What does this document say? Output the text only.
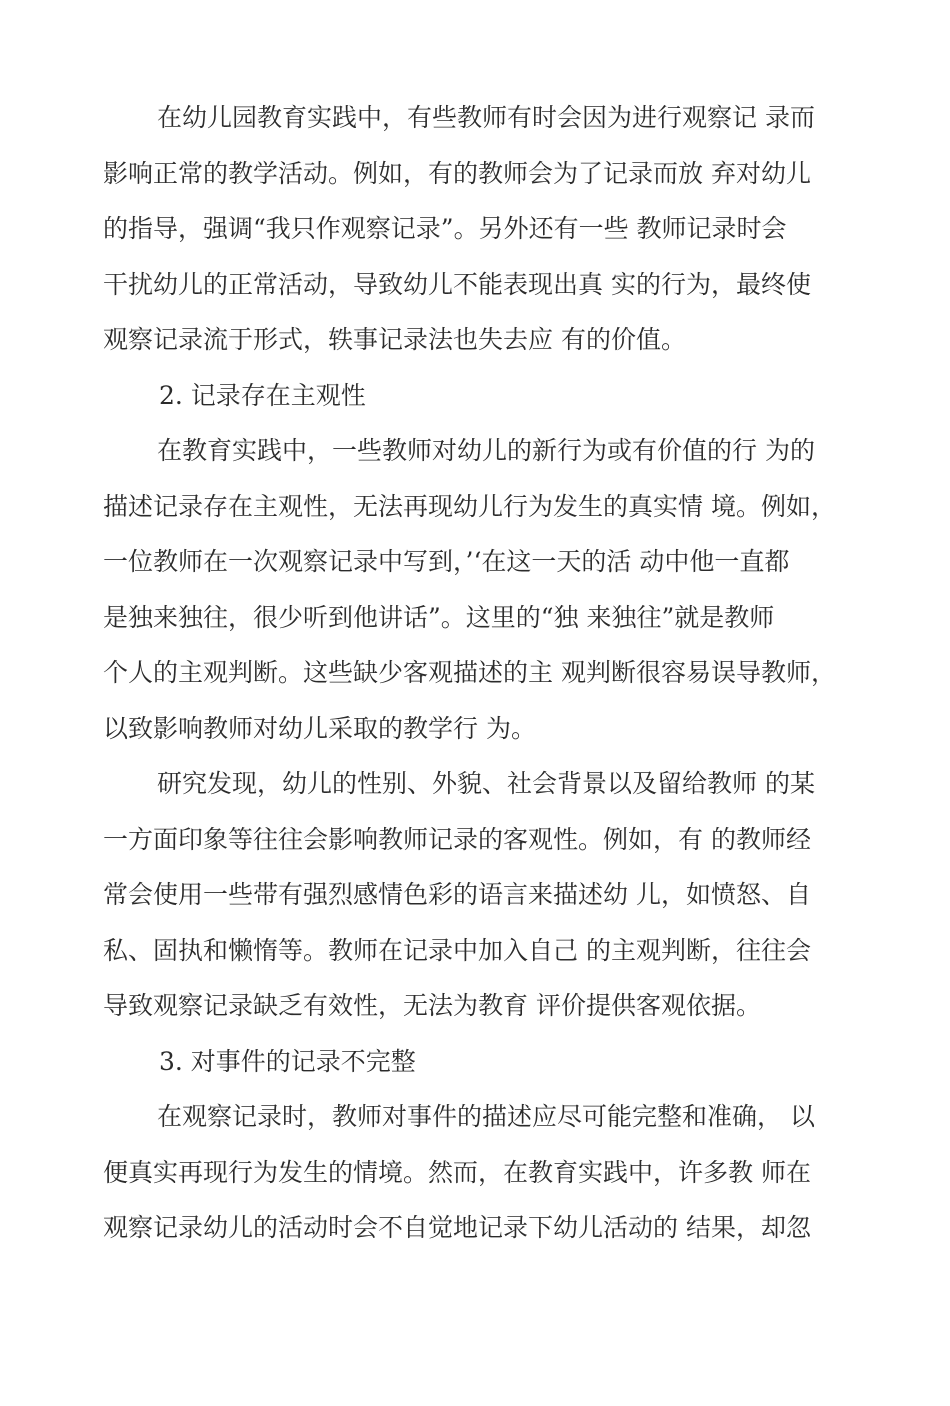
在幼儿园教育实践中，有些教师有时会因为进行观察记 录而
影响正常的教学活动。例如，有的教师会为了记录而放 弃对幼儿
的指导，强调“我只作观察记录”。另外还有一些 教师记录时会
干扰幼儿的正常活动，导致幼儿不能表现出真 实的行为，最终使
观察记录流于形式，轶事记录法也失去应 有的价值。
2. 记录存在主观性
在教育实践中，一些教师对幼儿的新行为或有价值的行 为的
描述记录存在主观性，无法再现幼儿行为发生的真实情 境。例如，
一位教师在一次观察记录中写到，’‘在这一天的活 动中他一直都
是独来独往，很少听到他讲话”。这里的“独 来独往”就是教师
个人的主观判断。这些缺少客观描述的主 观判断很容易误导教师，
以致影响教师对幼儿采取的教学行 为。
研究发现，幼儿的性别、外貌、社会背景以及留给教师 的某
一方面印象等往往会影响教师记录的客观性。例如，有 的教师经
常会使用一些带有强烈感情色彩的语言来描述幼 儿，如愤怒、自
私、固执和懒惰等。教师在记录中加入自己 的主观判断，往往会
导致观察记录缺乏有效性，无法为教育 评价提供客观依据。
3. 对事件的记录不完整
在观察记录时，教师对事件的描述应尽可能完整和准确， 以
便真实再现行为发生的情境。然而，在教育实践中，许多教 师在
观察记录幼儿的活动时会不自觉地记录下幼儿活动的 结果，却忽
